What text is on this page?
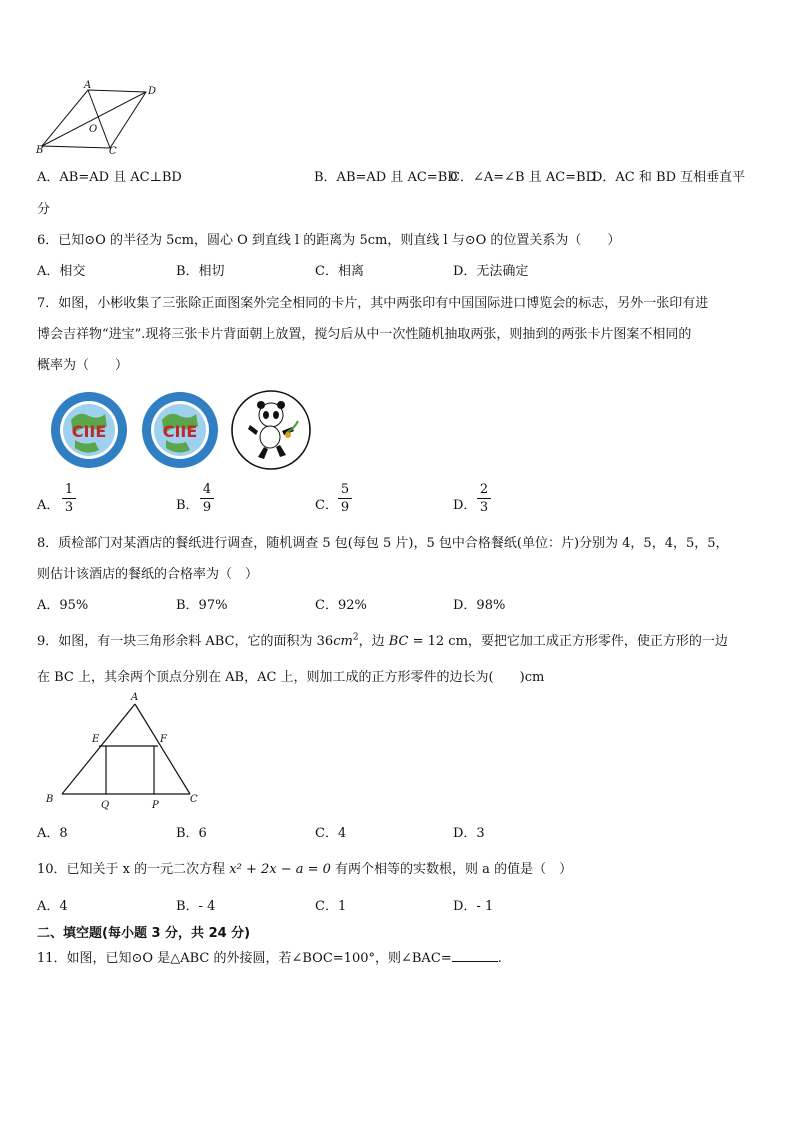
A
D
O
B	C
A．AB=AD 且 AC⊥BD	B．AB=AD 且 AC=BD
C．∠A=∠B 且 AC=BD
D．AC 和 BD 互相垂直平
分
6．已知⊙O 的半径为 5cm，圆心 O 到直线 l 的距离为 5cm，则直线 l 与⊙O 的位置关系为（　　）
A．相交	B．相切	C．相离	D．无法确定
7．如图，小彬收集了三张除正面图案外完全相同的卡片，其中两张印有中国国际进口博览会的标志，另外一张印有进
博会吉祥物“进宝”.现将三张卡片背面朝上放置，搅匀后从中一次性随机抽取两张，则抽到的两张卡片图案不相同的
概率为（　　）
CIIE	CIIE
A．
1
3	B．
4
9	C．
5
9	D．
2
3
8．质检部门对某酒店的餐纸进行调查，随机调查 5 包(每包 5 片)，5 包中合格餐纸(单位：片)分别为 4，5，4，5，5，
则估计该酒店的餐纸的合格率为（　）
A．95%	B．97%	C．92%	D．98%
9．如图，有一块三角形余料 ABC，它的面积为 $36cm^2$，边 BC = 12 cm，要把它加工成正方形零件，使正方形的一边
在 BC 上，其余两个顶点分别在 AB，AC 上，则加工成的正方形零件的边长为(　　)cm
A
E	F
B
Q	P
C
A．8	B．6	C．4	D．3
10．已知关于 x 的一元二次方程 x² + 2x − a = 0 有两个相等的实数根，则 a 的值是（　）
A．4	B．- 4	C．1	D．- 1
二、填空题(每小题 3 分，共 24 分)
11．如图，已知⊙O 是△ABC 的外接圆，若∠BOC=100°，则∠BAC=	.
